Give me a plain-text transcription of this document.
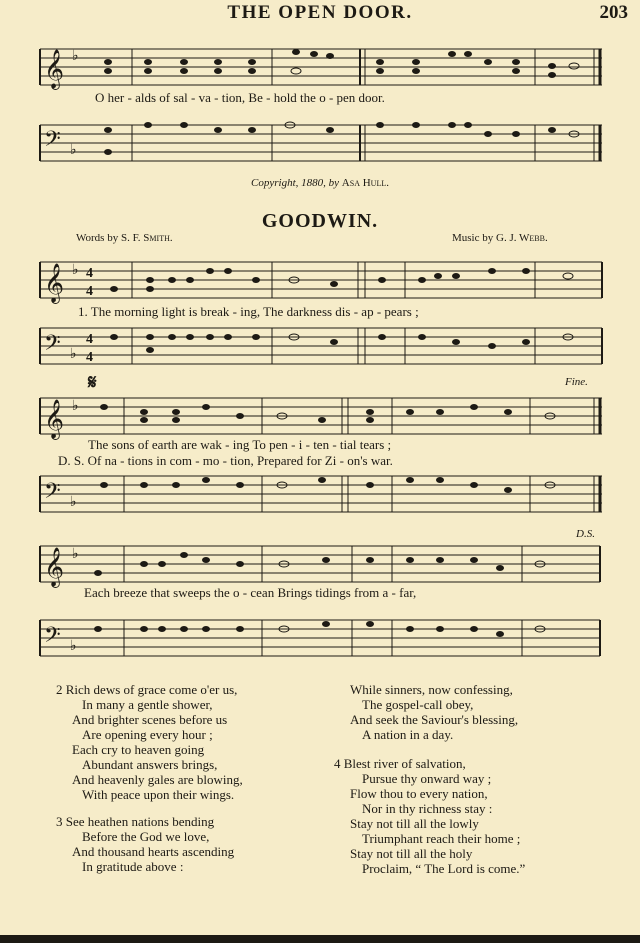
THE OPEN DOOR.	203
𝄞 ♭
O her - alds of sal - va - tion, Be - hold the o - pen door.
𝄢 ♭
Copyright, 1880, by Asa Hull.
GOODWIN.
Words by S. F. Smith.	Music by G. J. Webb.
𝄞 ♭ 4
4
1. The morning light is break - ing, The darkness dis - ap - pears ;
𝄢 ♭
4
4
𝄋	Fine.
𝄞 ♭
The sons of earth are wak - ing To pen - i - ten - tial tears ;
D. S. Of na - tions in com - mo - tion, Prepared for Zi - on's war.
𝄢 ♭
D.S.
𝄞 ♭
Each breeze that sweeps the o - cean Brings tidings from a - far,
𝄢 ♭
2 Rich dews of grace come o'er us,
In many a gentle shower,
And brighter scenes before us
Are opening every hour ;
Each cry to heaven going
Abundant answers brings,
And heavenly gales are blowing,
With peace upon their wings.
3 See heathen nations bending
Before the God we love,
And thousand hearts ascending
In gratitude above :
While sinners, now confessing,
The gospel-call obey,
And seek the Saviour's blessing,
A nation in a day.
4 Blest river of salvation,
Pursue thy onward way ;
Flow thou to every nation,
Nor in thy richness stay :
Stay not till all the lowly
Triumphant reach their home ;
Stay not till all the holy
Proclaim, “ The Lord is come.”
